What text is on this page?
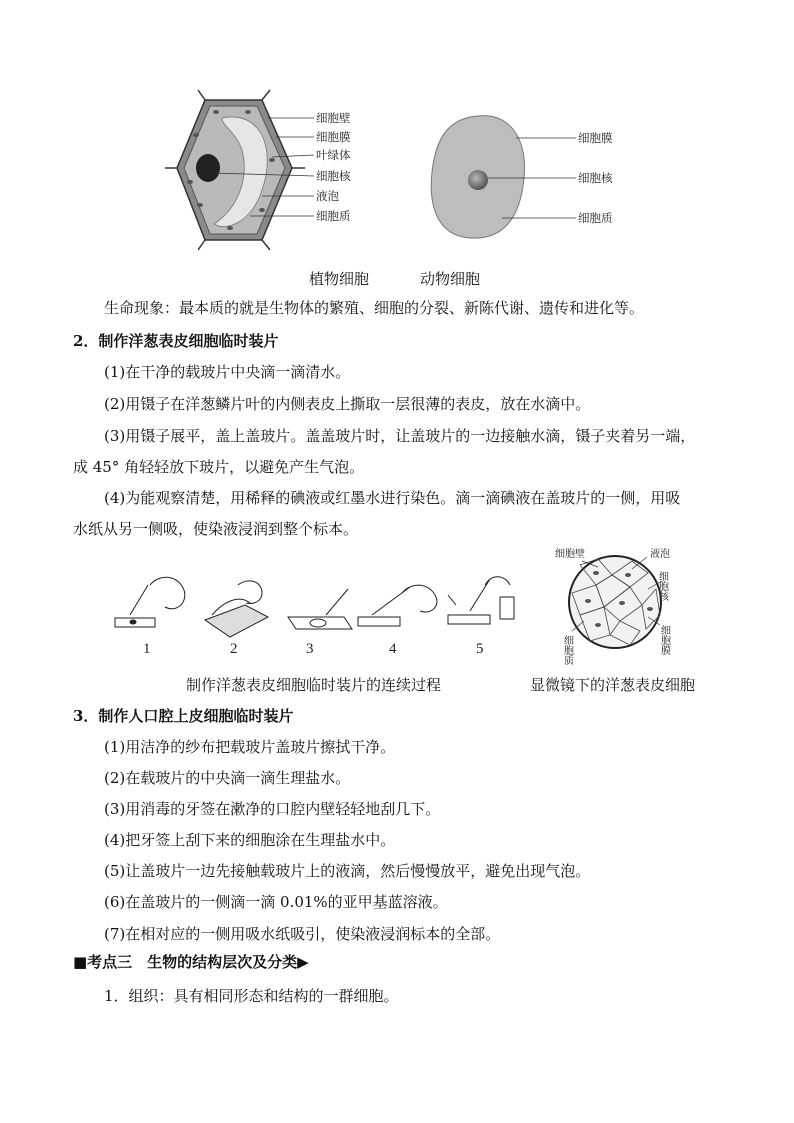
细胞壁
细胞膜
叶绿体
细胞核
液泡
细胞质
细胞膜
细胞核
细胞质
植物细胞	动物细胞
生命现象：最本质的就是生物体的繁殖、细胞的分裂、新陈代谢、遗传和进化等。
2．制作洋葱表皮细胞临时装片
(1)在干净的载玻片中央滴一滴清水。
(2)用镊子在洋葱鳞片叶的内侧表皮上撕取一层很薄的表皮，放在水滴中。
(3)用镊子展平，盖上盖玻片。盖盖玻片时，让盖玻片的一边接触水滴，镊子夹着另一端，
成 45° 角轻轻放下玻片，以避免产生气泡。
(4)为能观察清楚，用稀释的碘液或红墨水进行染色。滴一滴碘液在盖玻片的一侧，用吸
水纸从另一侧吸，使染液浸润到整个标本。
1	2	3	4	5
细胞壁	液泡
细胞核
细胞质	细胞膜
制作洋葱表皮细胞临时装片的连续过程	显微镜下的洋葱表皮细胞
3．制作人口腔上皮细胞临时装片
(1)用洁净的纱布把载玻片盖玻片擦拭干净。
(2)在载玻片的中央滴一滴生理盐水。
(3)用消毒的牙签在漱净的口腔内壁轻轻地刮几下。
(4)把牙签上刮下来的细胞涂在生理盐水中。
(5)让盖玻片一边先接触载玻片上的液滴，然后慢慢放平，避免出现气泡。
(6)在盖玻片的一侧滴一滴 0.01%的亚甲基蓝溶液。
(7)在相对应的一侧用吸水纸吸引，使染液浸润标本的全部。
■考点三　生物的结构层次及分类▶
1．组织：具有相同形态和结构的一群细胞。
